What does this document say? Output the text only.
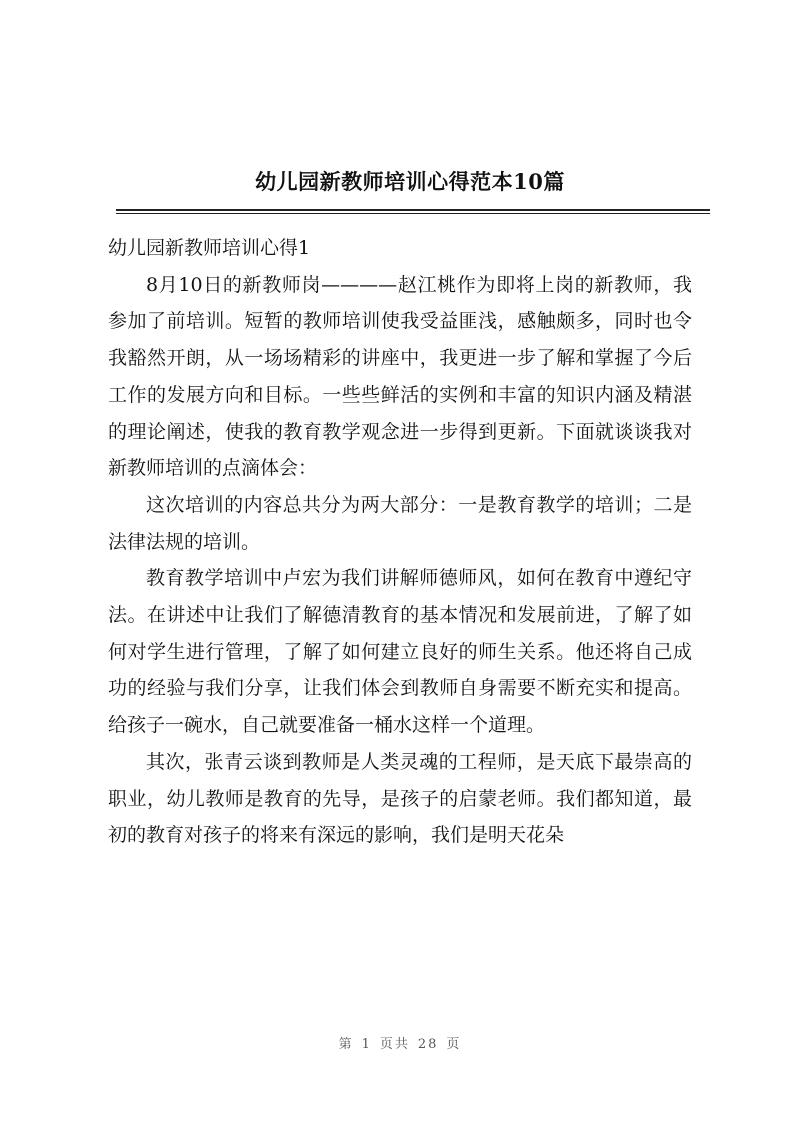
幼儿园新教师培训心得范本10篇

幼儿园新教师培训心得1

8月10日的新教师岗————赵江桃作为即将上岗的新教师，我参加了前培训。短暂的教师培训使我受益匪浅，感触颇多，同时也令我豁然开朗，从一场场精彩的讲座中，我更进一步了解和掌握了今后工作的发展方向和目标。一些些鲜活的实例和丰富的知识内涵及精湛的理论阐述，使我的教育教学观念进一步得到更新。下面就谈谈我对新教师培训的点滴体会：

这次培训的内容总共分为两大部分：一是教育教学的培训；二是法律法规的培训。

教育教学培训中卢宏为我们讲解师德师风，如何在教育中遵纪守法。在讲述中让我们了解德清教育的基本情况和发展前进，了解了如何对学生进行管理，了解了如何建立良好的师生关系。他还将自己成功的经验与我们分享，让我们体会到教师自身需要不断充实和提高。给孩子一碗水，自己就要准备一桶水这样一个道理。

其次，张青云谈到教师是人类灵魂的工程师，是天底下最崇高的职业，幼儿教师是教育的先导，是孩子的启蒙老师。我们都知道，最初的教育对孩子的将来有深远的影响，我们是明天花朵

第 1 页共 28 页
